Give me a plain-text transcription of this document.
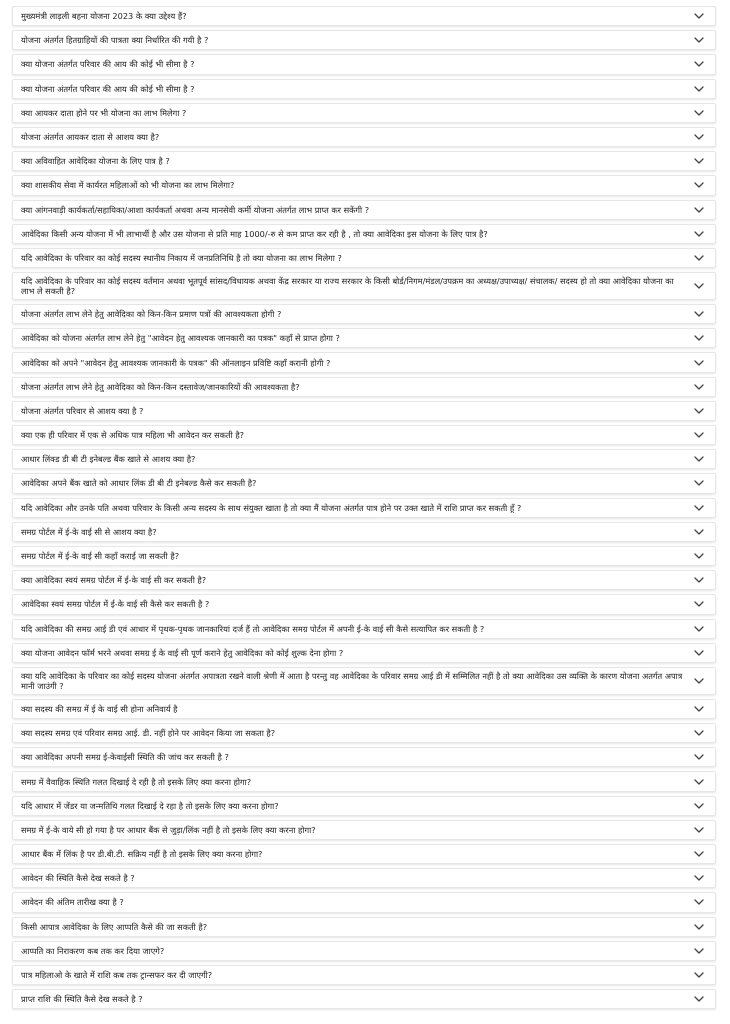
मुख्यमंत्री लाड़ली बहना योजना 2023 के क्या उद्देश्य हैं?
योजना अंतर्गत हितग्राहियों की पात्रता क्या निर्धारित की गयी है ?
क्या योजना अंतर्गत परिवार की आय की कोई भी सीमा है ?
क्या योजना अंतर्गत परिवार की आय की कोई भी सीमा है ?
क्या आयकर दाता होने पर भी योजना का लाभ मिलेगा ?
योजना अंतर्गत आयकर दाता से आशय क्या है?
क्या अविवाहित आवेदिका योजना के लिए पात्र है ?
क्या शासकीय सेवा में कार्यरत महिलाओं को भी योजना का लाभ मिलेगा?
क्या आंगनवाड़ी कार्यकर्ता/सहायिका/आशा कार्यकर्ता अथवा अन्य मानसेवी कर्मी योजना अंतर्गत लाभ प्राप्त कर सकेंगी ?
आवेदिका किसी अन्य योजना में भी लाभार्थी है और उस योजना से प्रति माह 1000/-रु से कम प्राप्त कर रही है , तो क्या आवेदिका इस योजना के लिए पात्र है?
यदि आवेदिका के परिवार का कोई सदस्य स्थानीय निकाय में जनप्रतिनिधि है तो क्या योजना का लाभ मिलेगा ?
यदि आवेदिका के परिवार का कोई सदस्य वर्तमान अथवा भूतपूर्व सांसद/विधायक अथवा केंद्र सरकार या राज्य सरकार के किसी बोर्ड/निगम/मंडल/उपक्रम का अध्यक्ष/उपाध्यक्ष/ संचालक/ सदस्य हो तो क्या आवेदिका योजना का लाभ ले सकती है?
योजना अंतर्गत लाभ लेने हेतु आवेदिका को किन-किन प्रमाण पत्रों की आवश्यकता होगी ?
आवेदिका को योजना अंतर्गत लाभ लेने हेतु "आवेदन हेतु आवश्यक जानकारी का पत्रक" कहाँ से प्राप्त होगा ?
आवेदिका को अपने "आवेदन हेतु आवश्यक जानकारी के पत्रक" की ऑनलाइन प्रविष्टि कहाँ करानी होगी ?
योजना अंतर्गत लाभ लेने हेतु आवेदिका को किन-किन दस्तावेज/जानकारियों की आवश्यकता है?
योजना अंतर्गत परिवार से आशय क्या है ?
क्या एक ही परिवार में एक से अधिक पात्र महिला भी आवेदन कर सकती है?
आधार लिंक्ड डी बी टी इनेबल्ड बैंक खाते से आशय क्या है?
आवेदिका अपने बैंक खाते को आधार लिंक डी बी टी इनेबल्ड कैसे कर सकती है?
यदि आवेदिका और उनके पति अथवा परिवार के किसी अन्य सदस्य के साथ संयुक्त खाता है तो क्या मैं योजना अंतर्गत पात्र होने पर उक्त खाते में राशि प्राप्त कर सकती हूँ ?
समग्र पोर्टल में ई-के वाई सी से आशय क्या है?
समग्र पोर्टल में ई-के वाई सी कहाँ कराई जा सकती है?
क्या आवेदिका स्वयं समग्र पोर्टल में ई-के वाई सी कर सकती है?
आवेदिका स्वयं समग्र पोर्टल में ई-के वाई सी कैसे कर सकती है ?
यदि आवेदिका की समग्र आई डी एवं आधार में पृथक-पृथक जानकारियां दर्ज हैं तो आवेदिका समग्र पोर्टल में अपनी ई-के वाई सी कैसे सत्यापित कर सकती है ?
क्या योजना आवेदन फॉर्म भरने अथवा समग्र ई के वाई सी पूर्ण कराने हेतु आवेदिका को कोई शुल्क देना होगा ?
क्या यदि आवेदिका के परिवार का कोई सदस्य योजना अंतर्गत अपात्रता रखने वाली श्रेणी में आता है परन्तु वह आवेदिका के परिवार समग्र आई डी में सम्मिलित नहीं है तो क्या आवेदिका उस व्यक्ति के कारण योजना अतर्गत अपात्र मानी जाउंगी ?
क्या सदस्य की समग्र में ई के वाई सी होना अनिवार्य है
क्या सदस्य समग्र एवं परिवार समग्र आई. डी. नहीं होने पर आवेदन किया जा सकता है?
क्या आवेदिका अपनी समग्र ई-केवाईसी स्थिति की जांच कर सकती है ?
समग्र में वैवाहिक स्थिति गलत दिखाई दे रही है तो इसके लिए क्या करना होगा?
यदि आधार में जेंडर या जन्मतिथि गलत दिखाई दे रहा है तो इसके लिए क्या करना होगा?
समग्र में ई-के वाये सी हो गया है पर आधार बैंक से जुड़ा/लिंक नहीं है तो इसके लिए क्या करना होगा?
आधार बैंक में लिंक है पर डी.बी.टी. सक्रिय नहीं है तो इसके लिए क्या करना होगा?
आवेदन की स्थिति कैसे देख सकते है ?
आवेदन की अंतिम तारीख क्या है ?
किसी आपात्र आवेदिका के लिए आप्पति कैसे की जा सकती है?
आप्पति का निराकरण कब तक कर दिया जाएगे?
पात्र महिलाओ के खाते में राशि कब तक ट्रान्सफर कर दी जाएगी?
प्राप्त राशि की स्थिति कैसे देख सकते है ?
